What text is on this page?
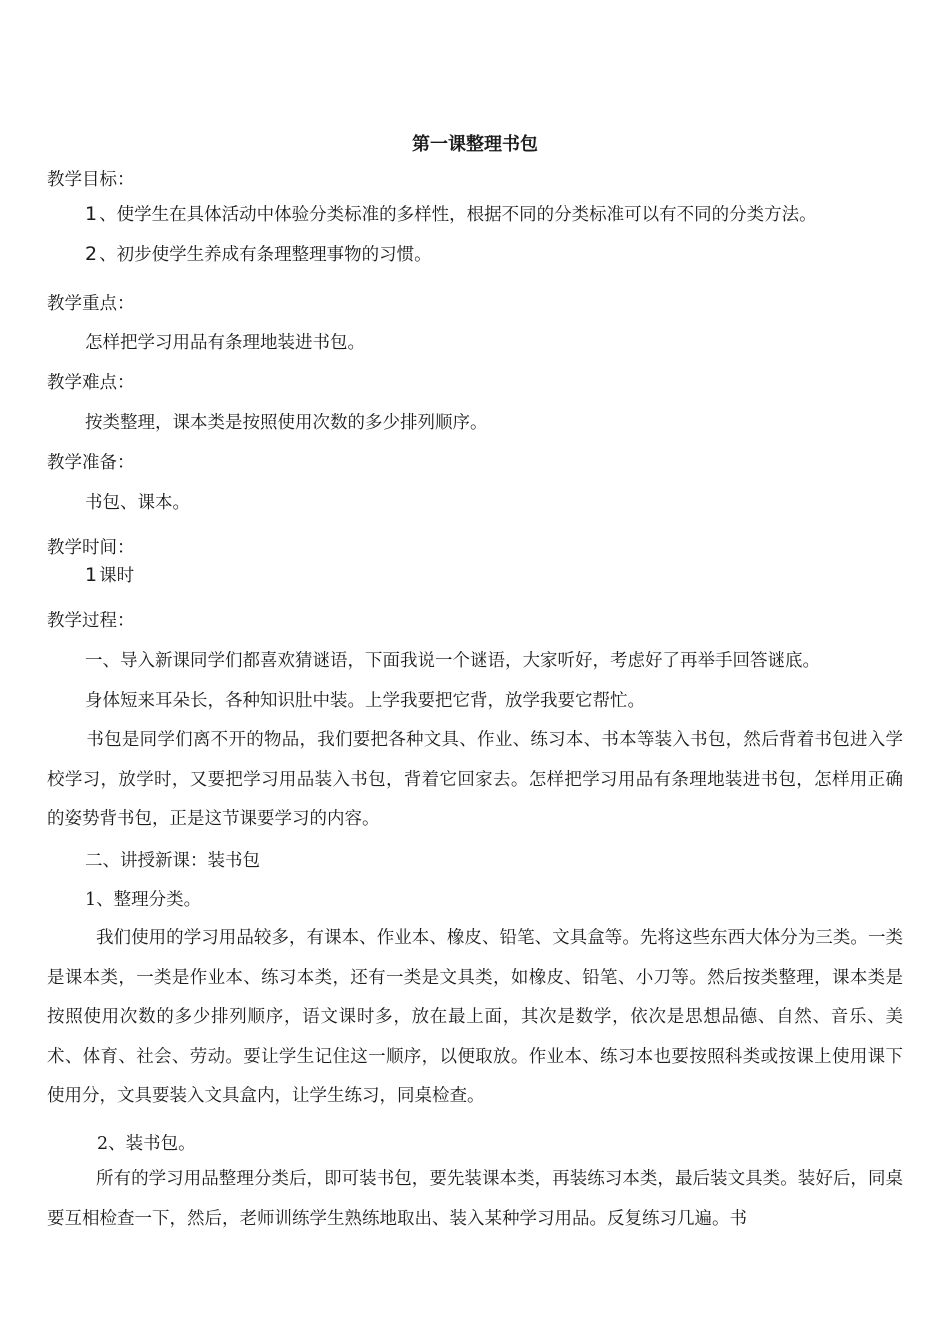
第一课整理书包
教学目标：
1 、使学生在具体活动中体验分类标准的多样性，根据不同的分类标准可以有不同的分类方法。
2 、初步使学生养成有条理整理事物的习惯。
教学重点：
怎样把学习用品有条理地装进书包。
教学难点：
按类整理，课本类是按照使用次数的多少排列顺序。
教学准备：
书包、课本。
教学时间：
1 课时
教学过程：
一、导入新课同学们都喜欢猜谜语，下面我说一个谜语，大家听好，考虑好了再举手回答谜底。
身体短来耳朵长，各种知识肚中装。上学我要把它背，放学我要它帮忙。
书包是同学们离不开的物品，我们要把各种文具、作业、练习本、书本等装入书包，然后背着书包进入学校学习，放学时，又要把学习用品装入书包，背着它回家去。怎样把学习用品有条理地装进书包，怎样用正确的姿势背书包，正是这节课要学习的内容。
二、讲授新课：装书包
1、整理分类。
我们使用的学习用品较多，有课本、作业本、橡皮、铅笔、文具盒等。先将这些东西大体分为三类。一类是课本类，一类是作业本、练习本类，还有一类是文具类，如橡皮、铅笔、小刀等。然后按类整理，课本类是按照使用次数的多少排列顺序，语文课时多，放在最上面，其次是数学，依次是思想品德、自然、音乐、美术、体育、社会、劳动。要让学生记住这一顺序，以便取放。作业本、练习本也要按照科类或按课上使用课下使用分，文具要装入文具盒内，让学生练习，同桌检查。
2、装书包。
所有的学习用品整理分类后，即可装书包，要先装课本类，再装练习本类，最后装文具类。装好后，同桌要互相检查一下，然后，老师训练学生熟练地取出、装入某种学习用品。反复练习几遍。书
